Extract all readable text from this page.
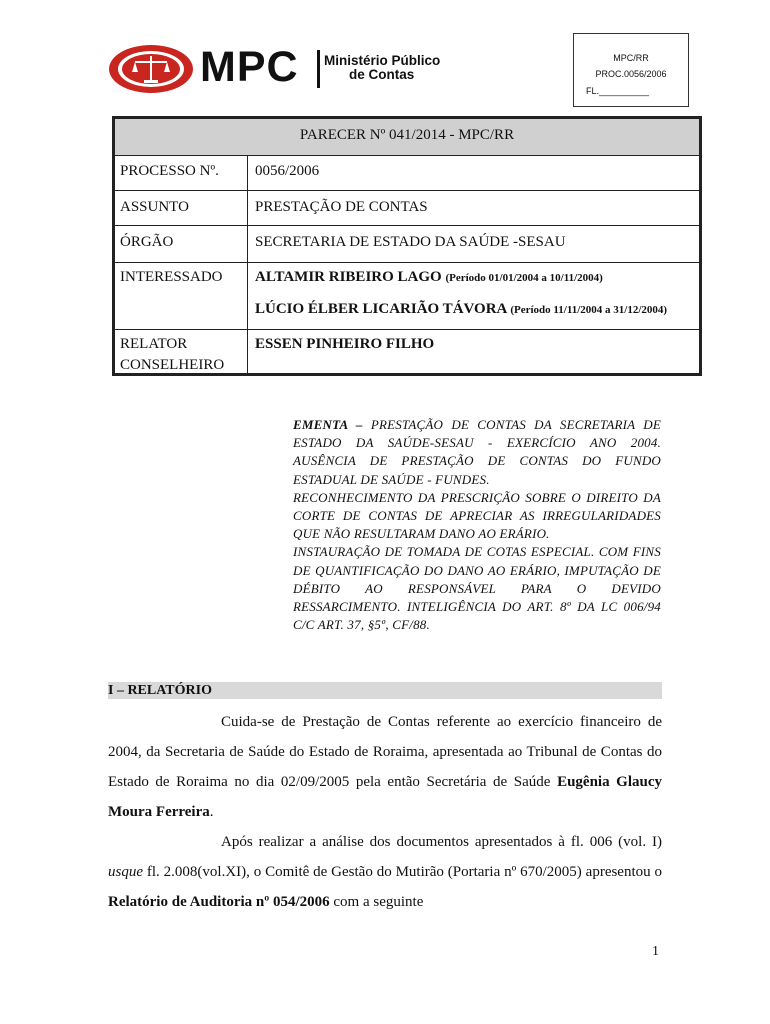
MPC Ministério Público
de Contas
MPC/RR
PROC.0056/2006
FL.__________
PARECER Nº 041/2014 - MPC/RR
PROCESSO Nº. 0056/2006
ASSUNTO	PRESTAÇÃO DE CONTAS
ÓRGÃO	SECRETARIA DE ESTADO DA SAÚDE -SESAU
INTERESSADO ALTAMIR RIBEIRO LAGO (Período 01/01/2004 a 10/11/2004)
LÚCIO ÉLBER LICARIÃO TÁVORA (Período 11/11/2004 a 31/12/2004)
RELATOR
CONSELHEIRO
ESSEN PINHEIRO FILHO

EMENTA – PRESTAÇÃO DE CONTAS DA SECRETARIA DE ESTADO DA SAÚDE-SESAU - EXERCÍCIO ANO 2004. AUSÊNCIA DE PRESTAÇÃO DE CONTAS DO FUNDO ESTADUAL DE SAÚDE - FUNDES.

RECONHECIMENTO DA PRESCRIÇÃO SOBRE O DIREITO DA CORTE DE CONTAS DE APRECIAR AS IRREGULARIDADES QUE NÃO RESULTARAM DANO AO ERÁRIO.

INSTAURAÇÃO DE TOMADA DE COTAS ESPECIAL. COM FINS DE QUANTIFICAÇÃO DO DANO AO ERÁRIO, IMPUTAÇÃO DE DÉBITO AO RESPONSÁVEL PARA O DEVIDO RESSARCIMENTO. INTELIGÊNCIA DO ART. 8º DA LC 006/94 C/C ART. 37, §5º, CF/88.

I – RELATÓRIO

Cuida-se de Prestação de Contas referente ao exercício financeiro de 2004, da Secretaria de Saúde do Estado de Roraima, apresentada ao Tribunal de Contas do Estado de Roraima no dia 02/09/2005 pela então Secretária de Saúde Eugênia Glaucy Moura Ferreira.

Após realizar a análise dos documentos apresentados à fl. 006 (vol. I) usque fl. 2.008(vol.XI), o Comitê de Gestão do Mutirão (Portaria nº 670/2005) apresentou o Relatório de Auditoria nº 054/2006 com a seguinte

1
